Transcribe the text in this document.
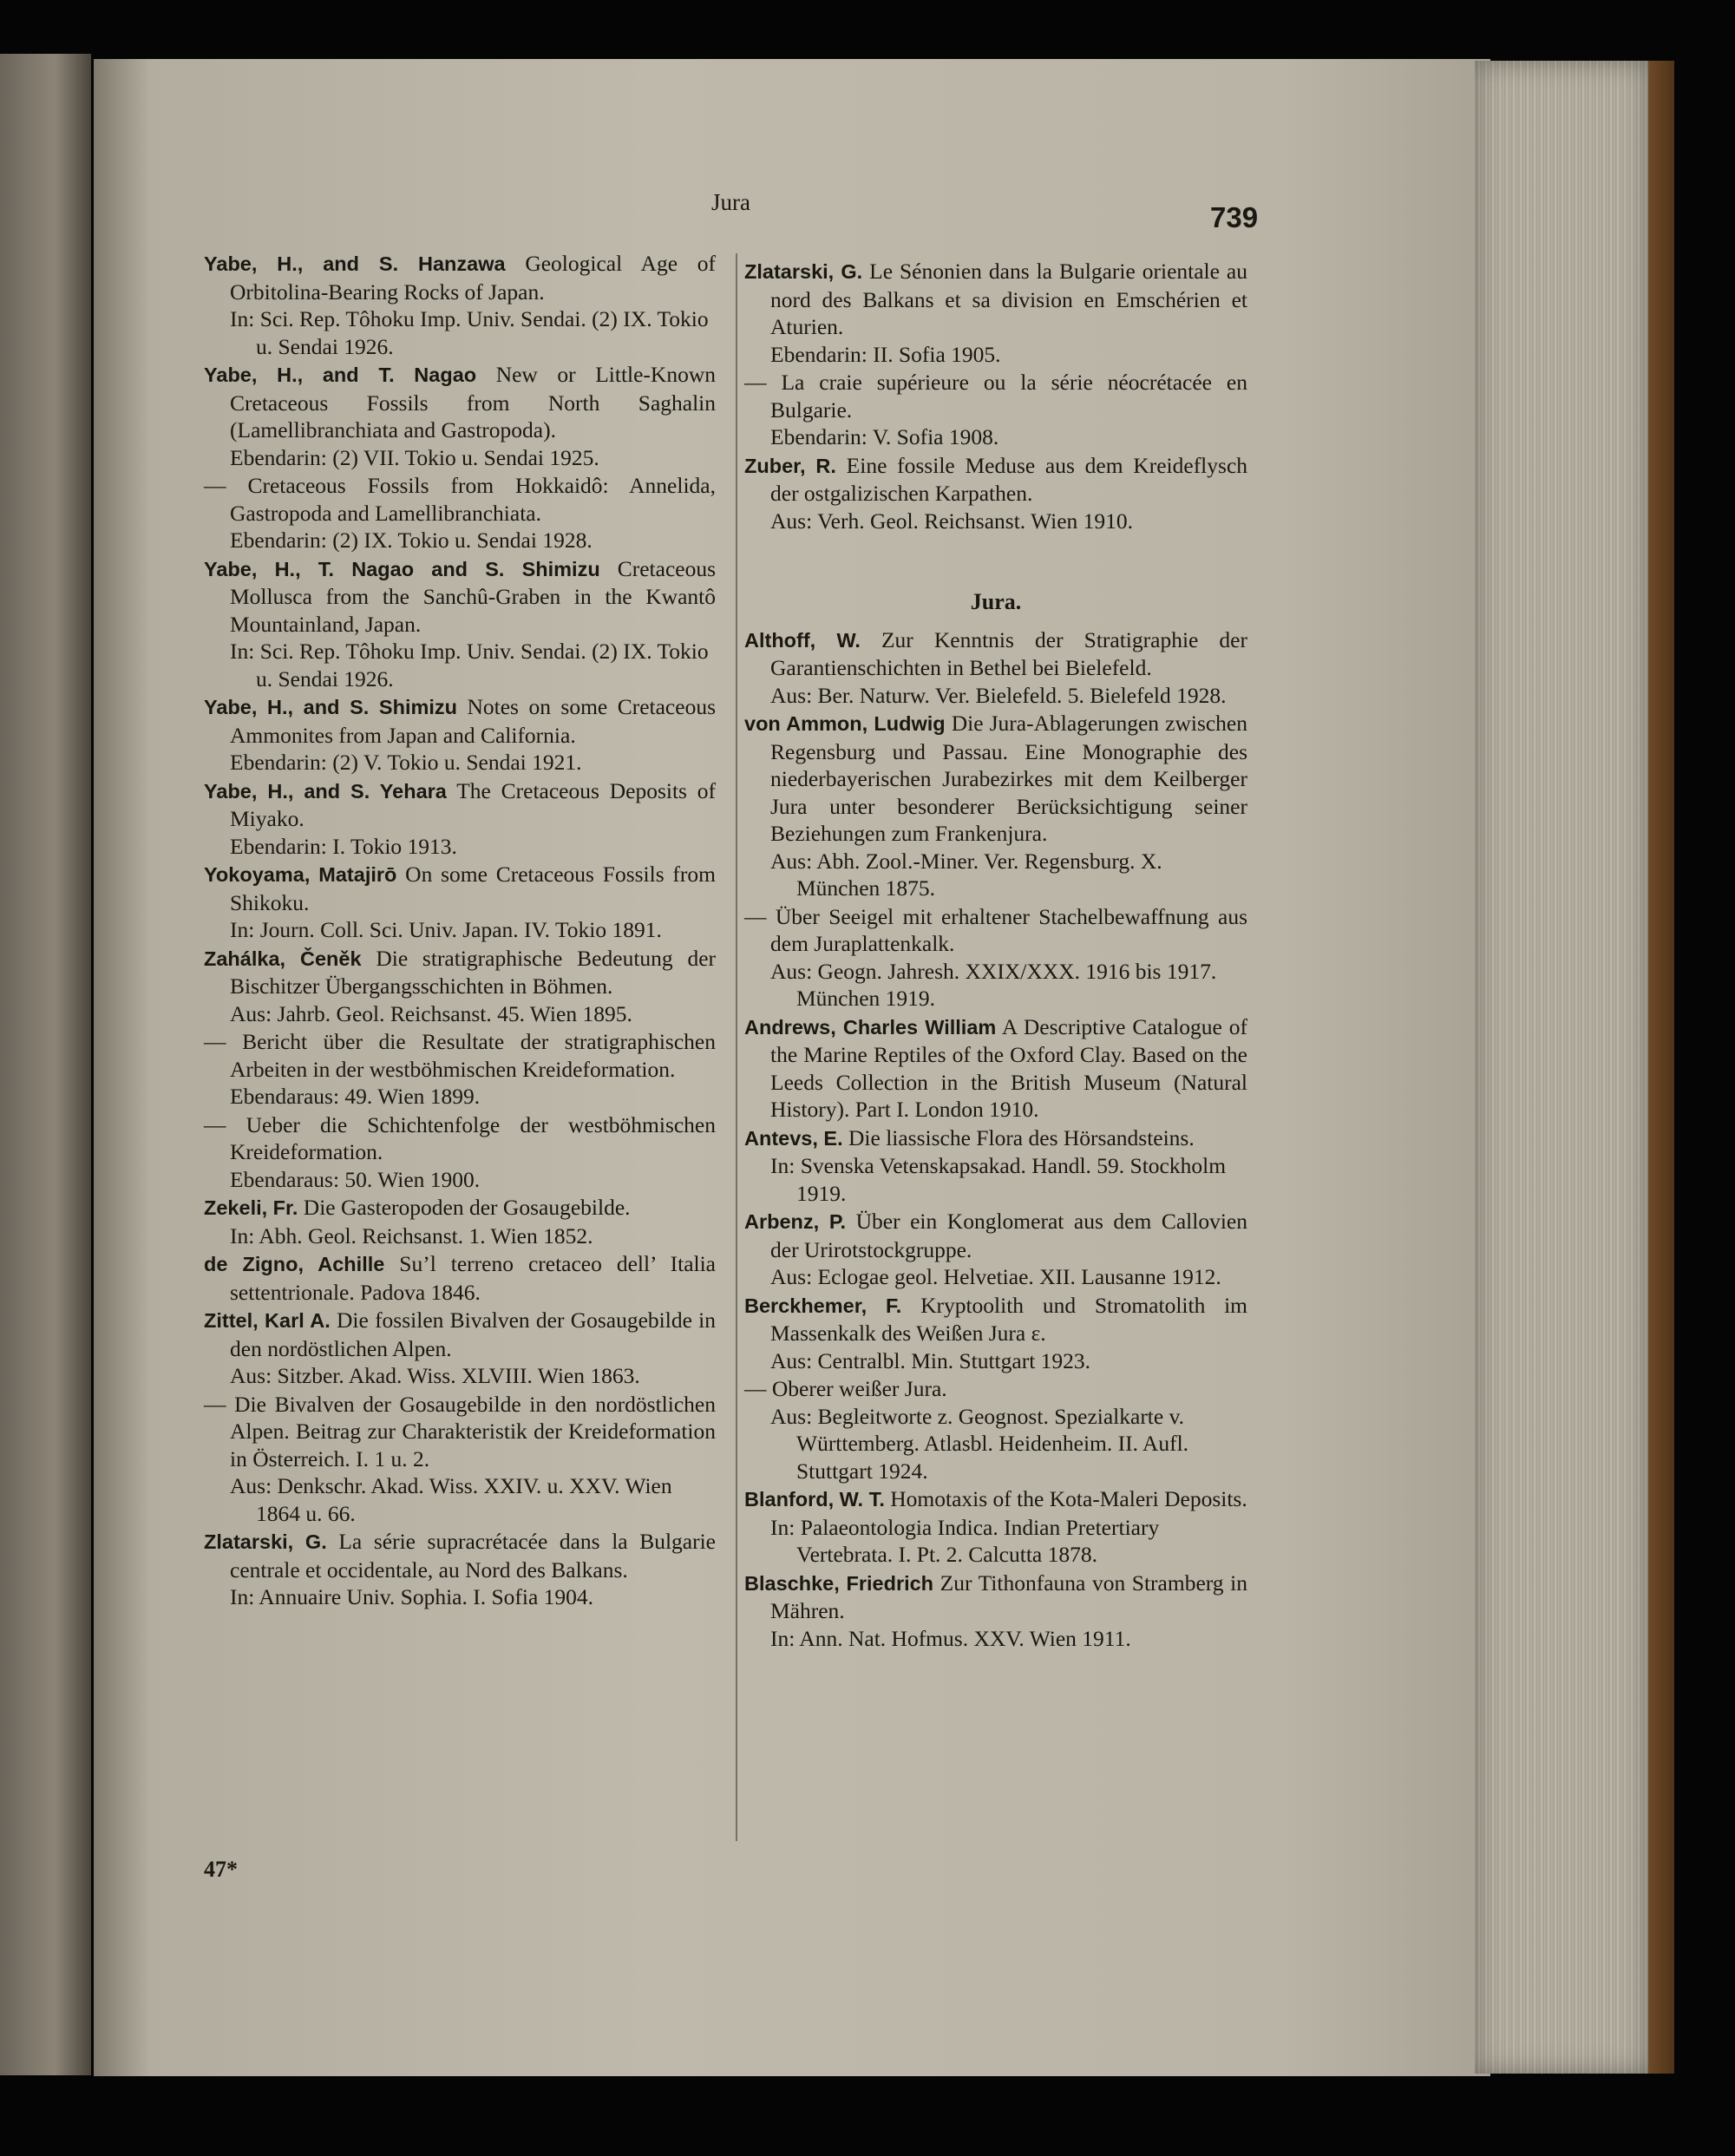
Jura	739
Yabe, H., and S. Hanzawa Geological Age of Orbitolina-Bearing Rocks of Japan.
In: Sci. Rep. Tôhoku Imp. Univ. Sendai. (2) IX. Tokio u. Sendai 1926.
Yabe, H., and T. Nagao New or Little-Known Cretaceous Fossils from North Saghalin (Lamellibranchiata and Gastropoda).
Ebendarin: (2) VII. Tokio u. Sendai 1925.
— Cretaceous Fossils from Hokkaidô: Annelida, Gastropoda and Lamellibranchiata.
Ebendarin: (2) IX. Tokio u. Sendai 1928.
Yabe, H., T. Nagao and S. Shimizu Cretaceous Mollusca from the Sanchû-Graben in the Kwantô Mountainland, Japan.
In: Sci. Rep. Tôhoku Imp. Univ. Sendai. (2) IX. Tokio u. Sendai 1926.
Yabe, H., and S. Shimizu Notes on some Cretaceous Ammonites from Japan and California.
Ebendarin: (2) V. Tokio u. Sendai 1921.
Yabe, H., and S. Yehara The Cretaceous Deposits of Miyako.
Ebendarin: I. Tokio 1913.
Yokoyama, Matajirō On some Cretaceous Fossils from Shikoku.
In: Journ. Coll. Sci. Univ. Japan. IV. Tokio 1891.
Zahálka, Čeněk Die stratigraphische Bedeutung der Bischitzer Übergangsschichten in Böhmen.
Aus: Jahrb. Geol. Reichsanst. 45. Wien 1895.
— Bericht über die Resultate der stratigraphischen Arbeiten in der westböhmischen Kreideformation.
Ebendaraus: 49. Wien 1899.
— Ueber die Schichtenfolge der westböhmischen Kreideformation.
Ebendaraus: 50. Wien 1900.
Zekeli, Fr. Die Gasteropoden der Gosaugebilde.
In: Abh. Geol. Reichsanst. 1. Wien 1852.
de Zigno, Achille Su’l terreno cretaceo dell’ Italia settentrionale. Padova 1846.
Zittel, Karl A. Die fossilen Bivalven der Gosaugebilde in den nordöstlichen Alpen.
Aus: Sitzber. Akad. Wiss. XLVIII. Wien 1863.
— Die Bivalven der Gosaugebilde in den nordöstlichen Alpen. Beitrag zur Charakteristik der Kreideformation in Österreich. I. 1 u. 2.
Aus: Denkschr. Akad. Wiss. XXIV. u. XXV. Wien 1864 u. 66.
Zlatarski, G. La série supracrétacée dans la Bulgarie centrale et occidentale, au Nord des Balkans.
In: Annuaire Univ. Sophia. I. Sofia 1904.
Zlatarski, G. Le Sénonien dans la Bulgarie orientale au nord des Balkans et sa division en Emschérien et Aturien.
Ebendarin: II. Sofia 1905.
— La craie supérieure ou la série néocrétacée en Bulgarie.
Ebendarin: V. Sofia 1908.
Zuber, R. Eine fossile Meduse aus dem Kreideflysch der ostgalizischen Karpathen.
Aus: Verh. Geol. Reichsanst. Wien 1910.
Jura.
Althoff, W. Zur Kenntnis der Stratigraphie der Garantienschichten in Bethel bei Bielefeld.
Aus: Ber. Naturw. Ver. Bielefeld. 5. Bielefeld 1928.
von Ammon, Ludwig Die Jura-Ablagerungen zwischen Regensburg und Passau. Eine Monographie des niederbayerischen Jurabezirkes mit dem Keilberger Jura unter besonderer Berücksichtigung seiner Beziehungen zum Frankenjura.
Aus: Abh. Zool.-Miner. Ver. Regensburg. X. München 1875.
— Über Seeigel mit erhaltener Stachelbewaffnung aus dem Juraplattenkalk.
Aus: Geogn. Jahresh. XXIX/XXX. 1916 bis 1917. München 1919.
Andrews, Charles William A Descriptive Catalogue of the Marine Reptiles of the Oxford Clay. Based on the Leeds Collection in the British Museum (Natural History). Part I. London 1910.
Antevs, E. Die liassische Flora des Hörsandsteins.
In: Svenska Vetenskapsakad. Handl. 59. Stockholm 1919.
Arbenz, P. Über ein Konglomerat aus dem Callovien der Urirotstockgruppe.
Aus: Eclogae geol. Helvetiae. XII. Lausanne 1912.
Berckhemer, F. Kryptoolith und Stromatolith im Massenkalk des Weißen Jura ε.
Aus: Centralbl. Min. Stuttgart 1923.
— Oberer weißer Jura.
Aus: Begleitworte z. Geognost. Spezialkarte v. Württemberg. Atlasbl. Heidenheim. II. Aufl. Stuttgart 1924.
Blanford, W. T. Homotaxis of the Kota-Maleri Deposits.
In: Palaeontologia Indica. Indian Pretertiary Vertebrata. I. Pt. 2. Calcutta 1878.
Blaschke, Friedrich Zur Tithonfauna von Stramberg in Mähren.
In: Ann. Nat. Hofmus. XXV. Wien 1911.
47*
